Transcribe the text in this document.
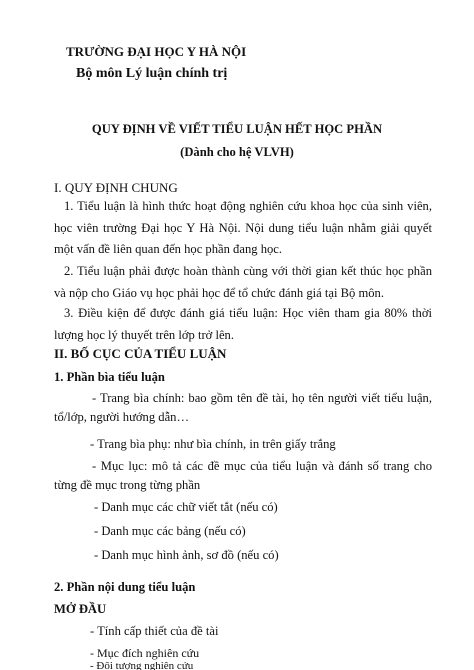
TRƯỜNG ĐẠI HỌC Y HÀ NỘI
Bộ môn Lý luận chính trị
QUY ĐỊNH VỀ VIẾT TIỂU LUẬN HẾT HỌC PHẦN
(Dành cho hệ VLVH)
I. QUY ĐỊNH CHUNG
1. Tiểu luận là hình thức hoạt động nghiên cứu khoa học của sinh viên, học viên trường Đại học Y Hà Nội. Nội dung tiểu luận nhằm giải quyết một vấn đề liên quan đến học phần đang học.
2. Tiểu luận phải được hoàn thành cùng với thời gian kết thúc học phần và nộp cho Giáo vụ học phải học để tổ chức đánh giá tại Bộ môn.
3. Điều kiện để được đánh giá tiểu luận: Học viên tham gia 80% thời lượng học lý thuyết trên lớp trở lên.
II. BỐ CỤC CỦA TIỂU LUẬN
1. Phần bìa tiểu luận
- Trang bìa chính: bao gồm tên đề tài, họ tên người viết tiểu luận, tổ/lớp, người hướng dẫn…
- Trang bìa phụ: như bìa chính, in trên giấy trắng
- Mục lục: mô tả các đề mục của tiểu luận và đánh số trang cho từng đề mục trong từng phần
- Danh mục các chữ viết tắt (nếu có)
- Danh mục các bảng (nếu có)
- Danh mục hình ảnh, sơ đồ (nếu có)
2. Phần nội dung tiểu luận
MỞ ĐẦU
- Tính cấp thiết của đề tài
- Mục đích nghiên cứu
- Đối tượng nghiên cứu
